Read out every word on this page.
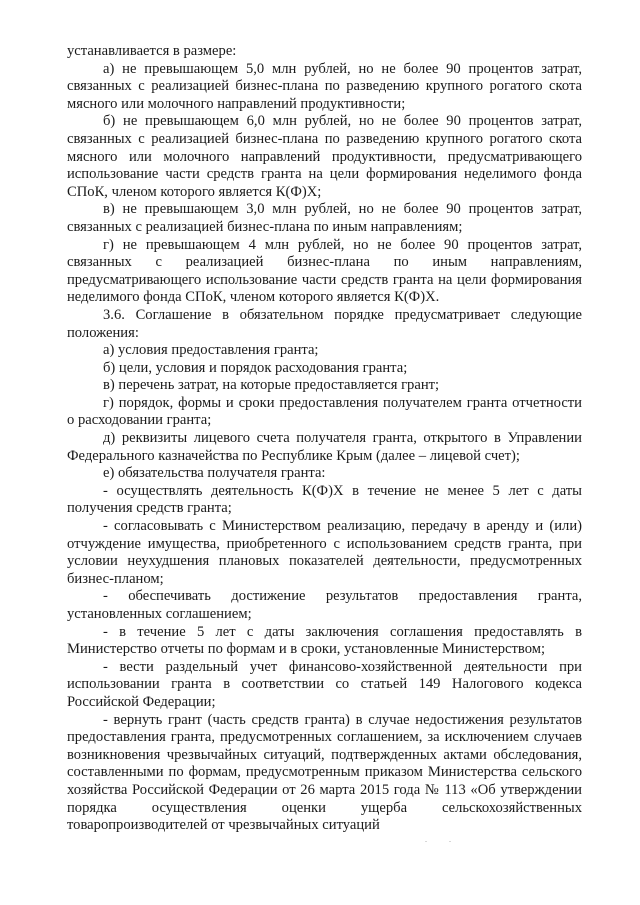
устанавливается в размере:

а) не превышающем 5,0 млн рублей, но не более 90 процентов затрат, связанных с реализацией бизнес-плана по разведению крупного рогатого скота мясного или молочного направлений продуктивности;

б) не превышающем 6,0 млн рублей, но не более 90 процентов затрат, связанных с реализацией бизнес-плана по разведению крупного рогатого скота мясного или молочного направлений продуктивности, предусматривающего использование части средств гранта на цели формирования неделимого фонда СПоК, членом которого является К(Ф)Х;

в) не превышающем 3,0 млн рублей, но не более 90 процентов затрат, связанных с реализацией бизнес-плана по иным направлениям;

г) не превышающем 4 млн рублей, но не более 90 процентов затрат, связанных с реализацией бизнес-плана по иным направлениям, предусматривающего использование части средств гранта на цели формирования неделимого фонда СПоК, членом которого является К(Ф)Х.

3.6. Соглашение в обязательном порядке предусматривает следующие положения:

а) условия предоставления гранта;

б) цели, условия и порядок расходования гранта;

в) перечень затрат, на которые предоставляется грант;

г) порядок, формы и сроки предоставления получателем гранта отчетности о расходовании гранта;

д) реквизиты лицевого счета получателя гранта, открытого в Управлении Федерального казначейства по Республике Крым (далее – лицевой счет);

е) обязательства получателя гранта:

- осуществлять деятельность К(Ф)Х в течение не менее 5 лет с даты получения средств гранта;

- согласовывать с Министерством реализацию, передачу в аренду и (или) отчуждение имущества, приобретенного с использованием средств гранта, при условии неухудшения плановых показателей деятельности, предусмотренных бизнес-планом;

- обеспечивать достижение результатов предоставления гранта, установленных соглашением;

- в течение 5 лет с даты заключения соглашения предоставлять в Министерство отчеты по формам и в сроки, установленные Министерством;

- вести раздельный учет финансово-хозяйственной деятельности при использовании гранта в соответствии со статьей 149 Налогового кодекса Российской Федерации;

- вернуть грант (часть средств гранта) в случае недостижения результатов предоставления гранта, предусмотренных соглашением, за исключением случаев возникновения чрезвычайных ситуаций, подтвержденных актами обследования, составленными по формам, предусмотренным приказом Министерства сельского хозяйства Российской Федерации от 26 марта 2015 года № 113 «Об утверждении порядка осуществления оценки ущерба сельскохозяйственных товаропроизводителей от чрезвычайных ситуаций

. .
